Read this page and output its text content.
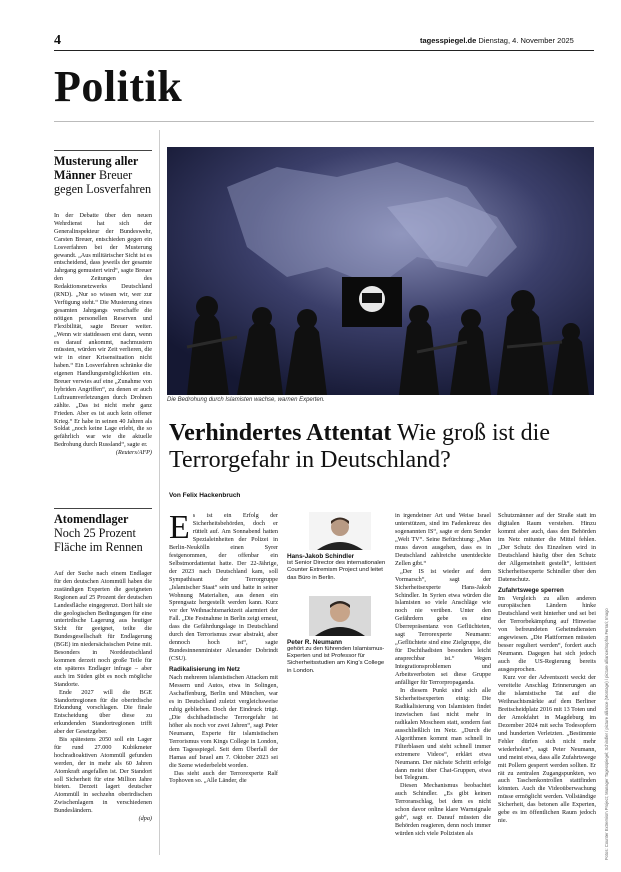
4	tagesspiegel.de Dienstag, 4. November 2025
Politik
Musterung aller Männer Breuer gegen Losverfahren

In der Debatte über den neuen Wehrdienst hat sich der Generalinspekteur der Bundeswehr, Carsten Breuer, entschieden gegen ein Losverfahren bei der Musterung gewandt. „Aus militärischer Sicht ist es entscheidend, dass jeweils der gesamte Jahrgang gemustert wird“, sagte Breuer den Zeitungen des Redaktionsnetzwerks Deutschland (RND). „Nur so wissen wir, wer zur Verfügung steht.“ Die Musterung eines gesamten Jahrgangs verschaffe die nötigen personellen Reserven und Flexibilität, sagte Breuer weiter. „Wenn wir stattdessen erst dann, wenn es darauf ankommt, nachmustern müssten, würden wir Zeit verlieren, die wir in einer Krisensituation nicht haben.“ Ein Losverfahren schränke die eigenen Handlungsmöglichkeiten ein. Breuer verwies auf eine „Zunahme von hybriden Angriffen“, zu denen er auch Luftraumverletzungen durch Drohnen zählte. „Das ist nicht mehr ganz Frieden. Aber es ist auch kein offener Krieg.“ Er habe in seinen 40 Jahren als Soldat „noch keine Lage erlebt, die so gefährlich war wie die aktuelle Bedrohung durch Russland“, sagte er.

(Reuters/AFP)

Atomendlager
Noch 25 Prozent Fläche im Rennen

Auf der Suche nach einem Endlager für den deutschen Atommüll haben die zuständigen Experten die geeigneten Regionen auf 25 Prozent der deutschen Landesfläche eingegrenzt. Dort hält sie die geologischen Bedingungen für eine unterirdische Lagerung aus heutiger Sicht für geeignet, teilte die Bundesgesellschaft für Endlagerung (BGE) im niedersächsischen Peine mit. Besonders in Norddeutschland kommen derzeit noch große Teile für ein späteres Endlager infrage – aber auch im Süden gibt es noch mögliche Standorte.

Ende 2027 will die BGE Standortregionen für die oberirdische Erkundung vorschlagen. Die finale Entscheidung über diese zu erkundenden Standortregionen trifft aber der Gesetzgeber.

Bis spätestens 2050 soll ein Lager für rund 27.000 Kubikmeter hochradioaktiven Atommüll gefunden werden, der in mehr als 60 Jahren Atomkraft angefallen ist. Der Standort soll Sicherheit für eine Million Jahre bieten. Derzeit lagert deutscher Atommüll in sechzehn oberirdischen Zwischenlagern in verschiedenen Bundesländern.

(dpa)

Die Bedrohung durch Islamisten wachse, warnen Experten.
Verhindertes Attentat Wie groß ist die Terrorgefahr in Deutschland?
Von Felix Hackenbruch

Es ist ein Erfolg der Sicherheitsbehörden, doch er rüttelt auf. Am Sonnabend hatten Spezialeinheiten der Polizei in Berlin-Neukölln einen Syrer festgenommen, der offenbar ein Selbstmordattentat hatte. Der 22-Jährige, der 2023 nach Deutschland kam, soll Sympathisant der Terrorgruppe „Islamischer Staat“ sein und hatte in seiner Wohnung Materialien, aus denen ein Sprengsatz hergestellt werden kann. Kurz vor der Weihnachtsmarktzeit alarmiert der Fall. „Die Festnahme in Berlin zeigt erneut, dass die Gefährdungslage in Deutschland durch den Terrorismus zwar abstrakt, aber dennoch hoch ist“, sagte Bundesinnenminister Alexander Dobrindt (CSU).

Radikalisierung im Netz

Nach mehreren islamistischen Attacken mit Messern und Autos, etwa in Solingen, Aschaffenburg, Berlin und München, war es in Deutschland zuletzt vergleichsweise ruhig geblieben. Doch der Eindruck trügt. „Die dschihadistische Terrorgefahr ist höher als noch vor zwei Jahren“, sagt Peter Neumann, Experte für islamistischen Terrorismus vom Kings College in London, dem Tagesspiegel. Seit dem Überfall der Hamas auf Israel am 7. Oktober 2023 sei die Szene wiederbelebt worden.

Das sieht auch der Terrorexperte Ralf Tophoven so. „Alle Länder, die

Hans-Jakob Schindler
ist Senior Director des internationalen Counter Extremism Project und leitet das Büro in Berlin.
Peter R. Neumann
gehört zu den führenden Islamismus-Experten und ist Professor für Sicherheitsstudien am King’s College in London.

in irgendeiner Art und Weise Israel unterstützen, sind im Fadenkreuz des sogenannten IS“, sagte er dem Sender „Welt TV“. Seine Befürchtung: „Man muss davon ausgehen, dass es in Deutschland zahlreiche unentdeckte Zellen gibt.“

„Der IS ist wieder auf dem Vormarsch“, sagt der Sicherheitsexperte Hans-Jakob Schindler. In Syrien etwa würden die Islamisten so viele Anschläge wie noch nie verüben. Unter den Gefährdern gebe es eine Überrepräsentanz von Geflüchteten, sagt Terrorexperte Neumann: „Geflüchtete sind eine Zielgruppe, die für Dschihadisten besonders leicht ansprechbar ist.“ Wegen Integrationsproblemen und Arbeitsverboten sei diese Gruppe anfälliger für Terrorpropaganda.

In diesem Punkt sind sich alle Sicherheitsexperten einig: Die Radikalisierung von Islamisten findet inzwischen fast nicht mehr in radikalen Moscheen statt, sondern fast ausschließlich im Netz. „Durch die Algorithmen kommt man schnell in Filterblasen und sieht schnell immer extremere Videos“, erklärt etwa Neumann. Der nächste Schritt erfolge dann meist über Chat-Gruppen, etwa bei Telegram.

Diesen Mechanismus beobachtet auch Schindler. „Es gibt keinen Terroranschlag, bei dem es nicht schon davor online klare Warnsignale gab“, sagt er. Darauf müssten die Behörden reagieren, denn noch immer würden sich viele Polizisten als

Schutzmänner auf der Straße statt im digitalen Raum verstehen. Hinzu kommt aber auch, dass den Behörden im Netz mitunter die Mittel fehlen. „Der Schutz des Einzelnen wird in Deutschland häufig über den Schutz der Allgemeinheit gestellt“, kritisiert Sicherheitsexperte Schindler über den Datenschutz.

Zufahrtswege sperren

Im Vergleich zu allen anderen europäischen Ländern hinke Deutschland weit hinterher und sei bei der Terrorbekämpfung auf Hinweise von befreundeten Geheimdiensten angewiesen. „Die Plattformen müssten besser reguliert werden“, fordert auch Neumann. Dagegen hat sich jedoch auch die US-Regierung bereits ausgesprochen.

Kurz vor der Adventszeit weckt der vereitelte Anschlag Erinnerungen an die islamistische Tat auf die Weihnachtsmärkte auf dem Berliner Breitscheidplatz 2016 mit 13 Toten und der Amokfahrt in Magdeburg im Dezember 2024 mit sechs Todesopfern und hunderten Verletzten. „Bestimmte Fehler dürfen sich nicht mehr wiederholen“, sagt Peter Neumann, und meint etwa, dass alle Zufahrtswege mit Pollern gesperrt werden sollten. Er rät zu zentralen Zugangspunkten, wo auch Taschenkontrollen stattfinden könnten. Auch die Videoüberwachung müsse ermöglicht werden. Vollständige Sicherheit, das betonen alle Experten, gebe es im öffentlichen Raum jedoch nie.	Fotos: Counter Extremism Project; Manager Tagesspiegel; Schindler / picture alliance (Montage) / picture alliance/Sophia Ferrari; Imago
